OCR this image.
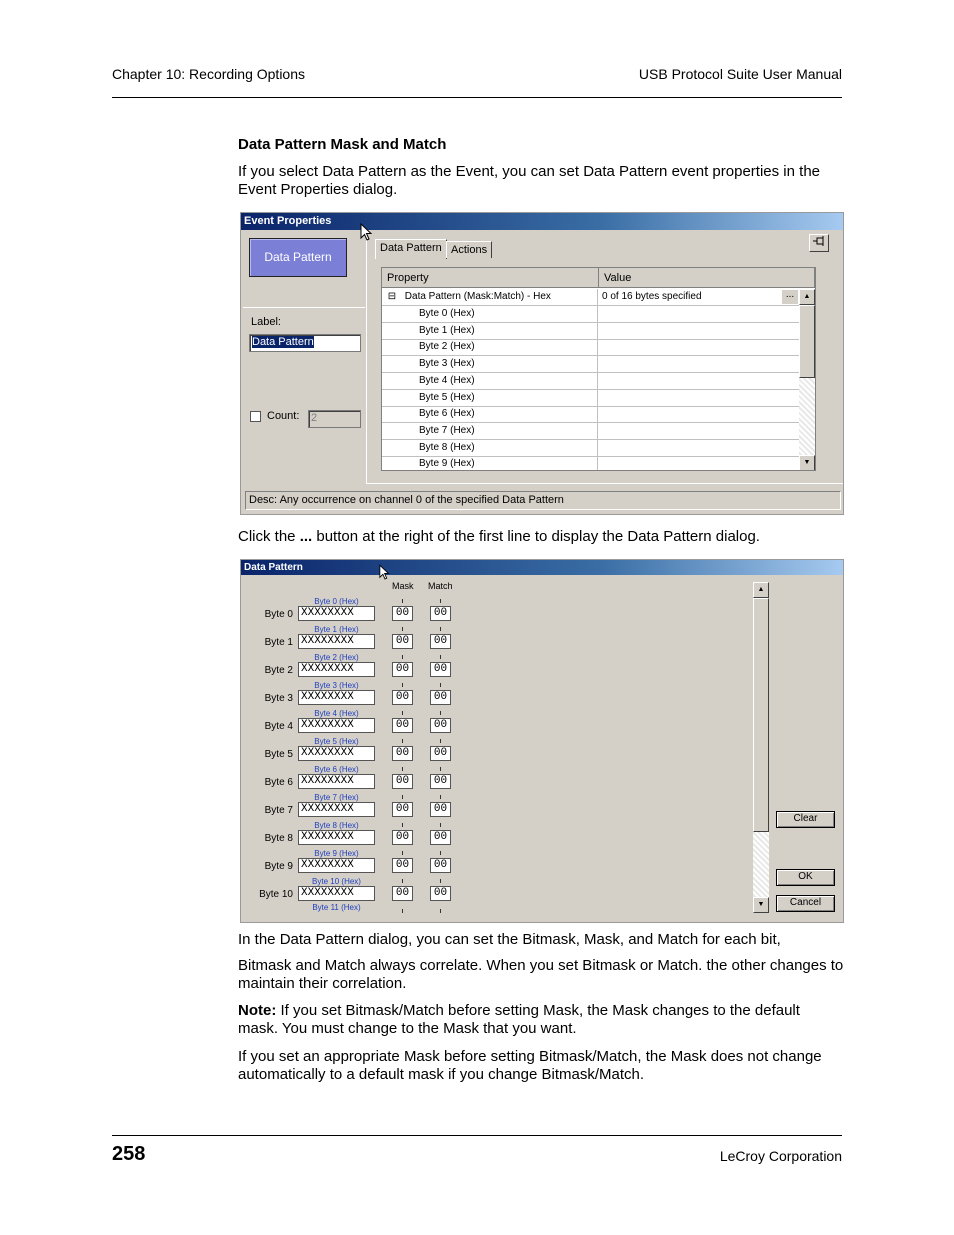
Chapter 10: Recording Options	USB Protocol Suite User Manual
Data Pattern Mask and Match
If you select Data Pattern as the Event, you can set Data Pattern event properties in the Event Properties dialog.
Event Properties
Data Pattern
Label:
Data Pattern
Count: 2
Data Pattern Actions
Property	Value
⊟ Data Pattern (Mask:Match) - Hex	0 of 16 bytes specified	...
Byte 0 (Hex)
Byte 1 (Hex)
Byte 2 (Hex)
Byte 3 (Hex)
Byte 4 (Hex)
Byte 5 (Hex)
Byte 6 (Hex)
Byte 7 (Hex)
Byte 8 (Hex)
Byte 9 (Hex)
▲
▼
Desc: Any occurrence on channel 0 of the specified Data Pattern
Click the ... button at the right of the first line to display the Data Pattern dialog.
Data Pattern
Mask Match
Byte 0 (Hex)
Byte 0 XXXXXXXX	00	00
Byte 1 (Hex)
Byte 1 XXXXXXXX	00	00
Byte 2 (Hex)
Byte 2 XXXXXXXX	00	00
Byte 3 (Hex)
Byte 3 XXXXXXXX	00	00
Byte 4 (Hex)
Byte 4 XXXXXXXX	00	00
Byte 5 (Hex)
Byte 5 XXXXXXXX	00	00
Byte 6 (Hex)
Byte 6 XXXXXXXX	00	00
Byte 7 (Hex)
Byte 7 XXXXXXXX	00	00
Byte 8 (Hex)
Byte 8 XXXXXXXX	00	00
Byte 9 (Hex)
Byte 9 XXXXXXXX	00	00
Byte 10 (Hex)
Byte 10 XXXXXXXX	00	00
Byte 11 (Hex)
▲
▼
Clear
OK
Cancel
In the Data Pattern dialog, you can set the Bitmask, Mask, and Match for each bit,
Bitmask and Match always correlate. When you set Bitmask or Match. the other changes to maintain their correlation.
Note: If you set Bitmask/Match before setting Mask, the Mask changes to the default mask. You must change to the Mask that you want.
If you set an appropriate Mask before setting Bitmask/Match, the Mask does not change automatically to a default mask if you change Bitmask/Match.
258	LeCroy Corporation
